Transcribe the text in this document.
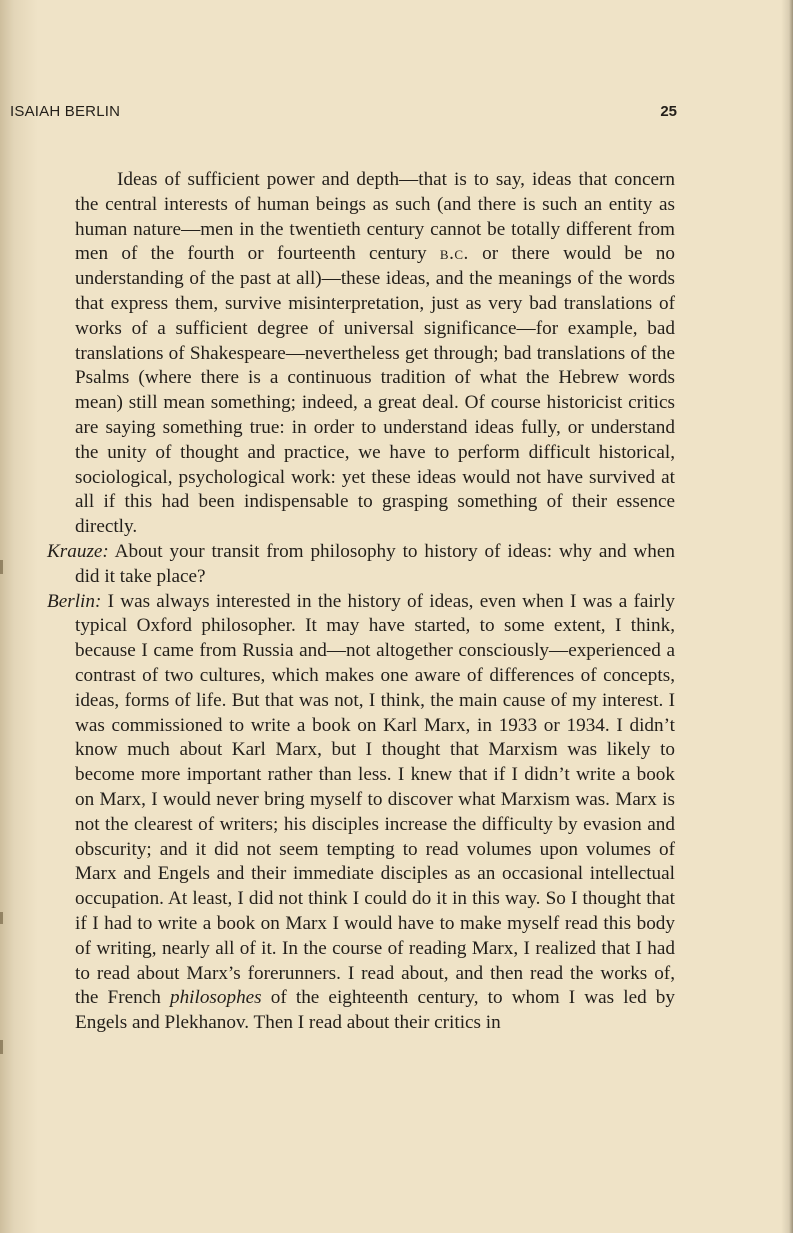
ISAIAH BERLIN	25

Ideas of sufficient power and depth—that is to say, ideas that concern the central interests of human beings as such (and there is such an entity as human nature—men in the twentieth century cannot be totally different from men of the fourth or fourteenth century b.c. or there would be no understanding of the past at all)—these ideas, and the meanings of the words that express them, survive misinterpretation, just as very bad translations of works of a sufficient degree of universal significance—for example, bad translations of Shakespeare—nevertheless get through; bad translations of the Psalms (where there is a continuous tradition of what the Hebrew words mean) still mean something; indeed, a great deal. Of course historicist critics are saying something true: in order to understand ideas fully, or understand the unity of thought and practice, we have to perform difficult historical, sociological, psychological work: yet these ideas would not have survived at all if this had been indispensable to grasping something of their essence directly.

Krauze: About your transit from philosophy to history of ideas: why and when did it take place?

Berlin: I was always interested in the history of ideas, even when I was a fairly typical Oxford philosopher. It may have started, to some extent, I think, because I came from Russia and—not altogether consciously—experienced a contrast of two cultures, which makes one aware of differences of concepts, ideas, forms of life. But that was not, I think, the main cause of my interest. I was commissioned to write a book on Karl Marx, in 1933 or 1934. I didn’t know much about Karl Marx, but I thought that Marxism was likely to become more important rather than less. I knew that if I didn’t write a book on Marx, I would never bring myself to discover what Marxism was. Marx is not the clearest of writers; his disciples increase the difficulty by evasion and obscurity; and it did not seem tempting to read volumes upon volumes of Marx and Engels and their immediate disciples as an occasional intellectual occupation. At least, I did not think I could do it in this way. So I thought that if I had to write a book on Marx I would have to make myself read this body of writing, nearly all of it. In the course of reading Marx, I realized that I had to read about Marx’s forerunners. I read about, and then read the works of, the French philosophes of the eighteenth century, to whom I was led by Engels and Plekhanov. Then I read about their critics in
